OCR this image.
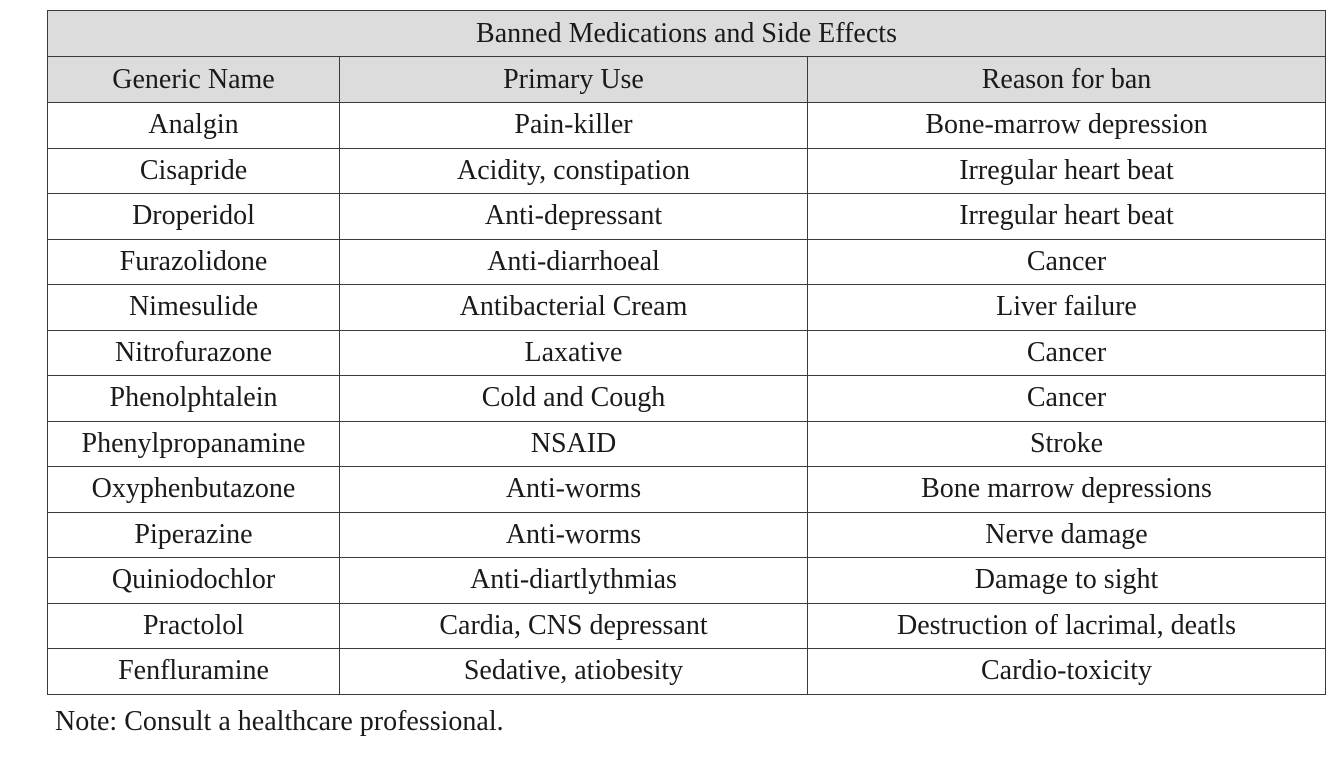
Banned Medications and Side Effects		
Generic Name	Primary Use	Reason for ban
Analgin	Pain-killer	Bone-marrow depression
Cisapride	Acidity, constipation	Irregular heart beat
Droperidol	Anti-depressant	Irregular heart beat
Furazolidone	Anti-diarrhoeal	Cancer
Nimesulide	Antibacterial Cream	Liver failure
Nitrofurazone	Laxative	Cancer
Phenolphtalein	Cold and Cough	Cancer
Phenylpropanamine	NSAID	Stroke
Oxyphenbutazone	Anti-worms	Bone marrow depressions
Piperazine	Anti-worms	Nerve damage
Quiniodochlor	Anti-diartlythmias	Damage to sight
Practolol	Cardia, CNS depressant	Destruction of lacrimal, deatls
Fenfluramine	Sedative, atiobesity	Cardio-toxicity
Note: Consult a healthcare professional.
